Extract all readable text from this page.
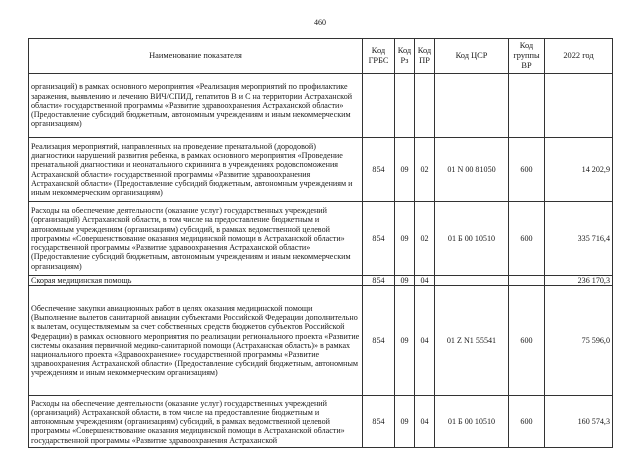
460
Наименование показателя	Код ГРБС	Код Рз	Код ПР	Код ЦСР	Код группы ВР	2022 год
организаций) в рамках основного мероприятия «Реализация мероприятий по профилактике заражения, выявлению и лечению ВИЧ/СПИД, гепатитов В и С на территории Астраханской области» государственной программы «Развитие здравоохранения Астраханской области» (Предоставление субсидий бюджетным, автономным учреждениям и иным некоммерческим организациям)						
Реализация мероприятий, направленных на проведение пренатальной (дородовой) диагностики нарушений развития ребенка, в рамках основного мероприятия «Проведение пренатальной диагностики и неонатального скрининга в учреждениях родовспоможения Астраханской области» государственной программы «Развитие здравоохранения Астраханской области» (Предоставление субсидий бюджетным, автономным учреждениям и иным некоммерческим организациям)	854	09	02	01 N 00 81050	600	14 202,9
Расходы на обеспечение деятельности (оказание услуг) государственных учреждений (организаций) Астраханской области, в том числе на предоставление бюджетным и автономным учреждениям (организациям) субсидий, в рамках ведомственной целевой программы «Совершенствование оказания медицинской помощи в Астраханской области» государственной программы «Развитие здравоохранения Астраханской области» (Предоставление субсидий бюджетным, автономным учреждениям и иным некоммерческим организациям)	854	09	02	01 Б 00 10510	600	335 716,4
Скорая медицинская помощь	854	09	04			236 170,3
Обеспечение закупки авиационных работ в целях оказания медицинской помощи (Выполнение вылетов санитарной авиации субъектами Российской Федерации дополнительно к вылетам, осуществляемым за счет собственных средств бюджетов субъектов Российской Федерации) в рамках основного мероприятия по реализации регионального проекта «Развитие системы оказания первичной медико-санитарной помощи (Астраханская область)» в рамках национального проекта «Здравоохранение» государственной программы «Развитие здравоохранения Астраханской области» (Предоставление субсидий бюджетным, автономным учреждениям и иным некоммерческим организациям)	854	09	04	01 Z N1 55541	600	75 596,0
Расходы на обеспечение деятельности (оказание услуг) государственных учреждений (организаций) Астраханской области, в том числе на предоставление бюджетным и автономным учреждениям (организациям) субсидий, в рамках ведомственной целевой программы «Совершенствование оказания медицинской помощи в Астраханской области» государственной программы «Развитие здравоохранения Астраханской	854	09	04	01 Б 00 10510	600	160 574,3
